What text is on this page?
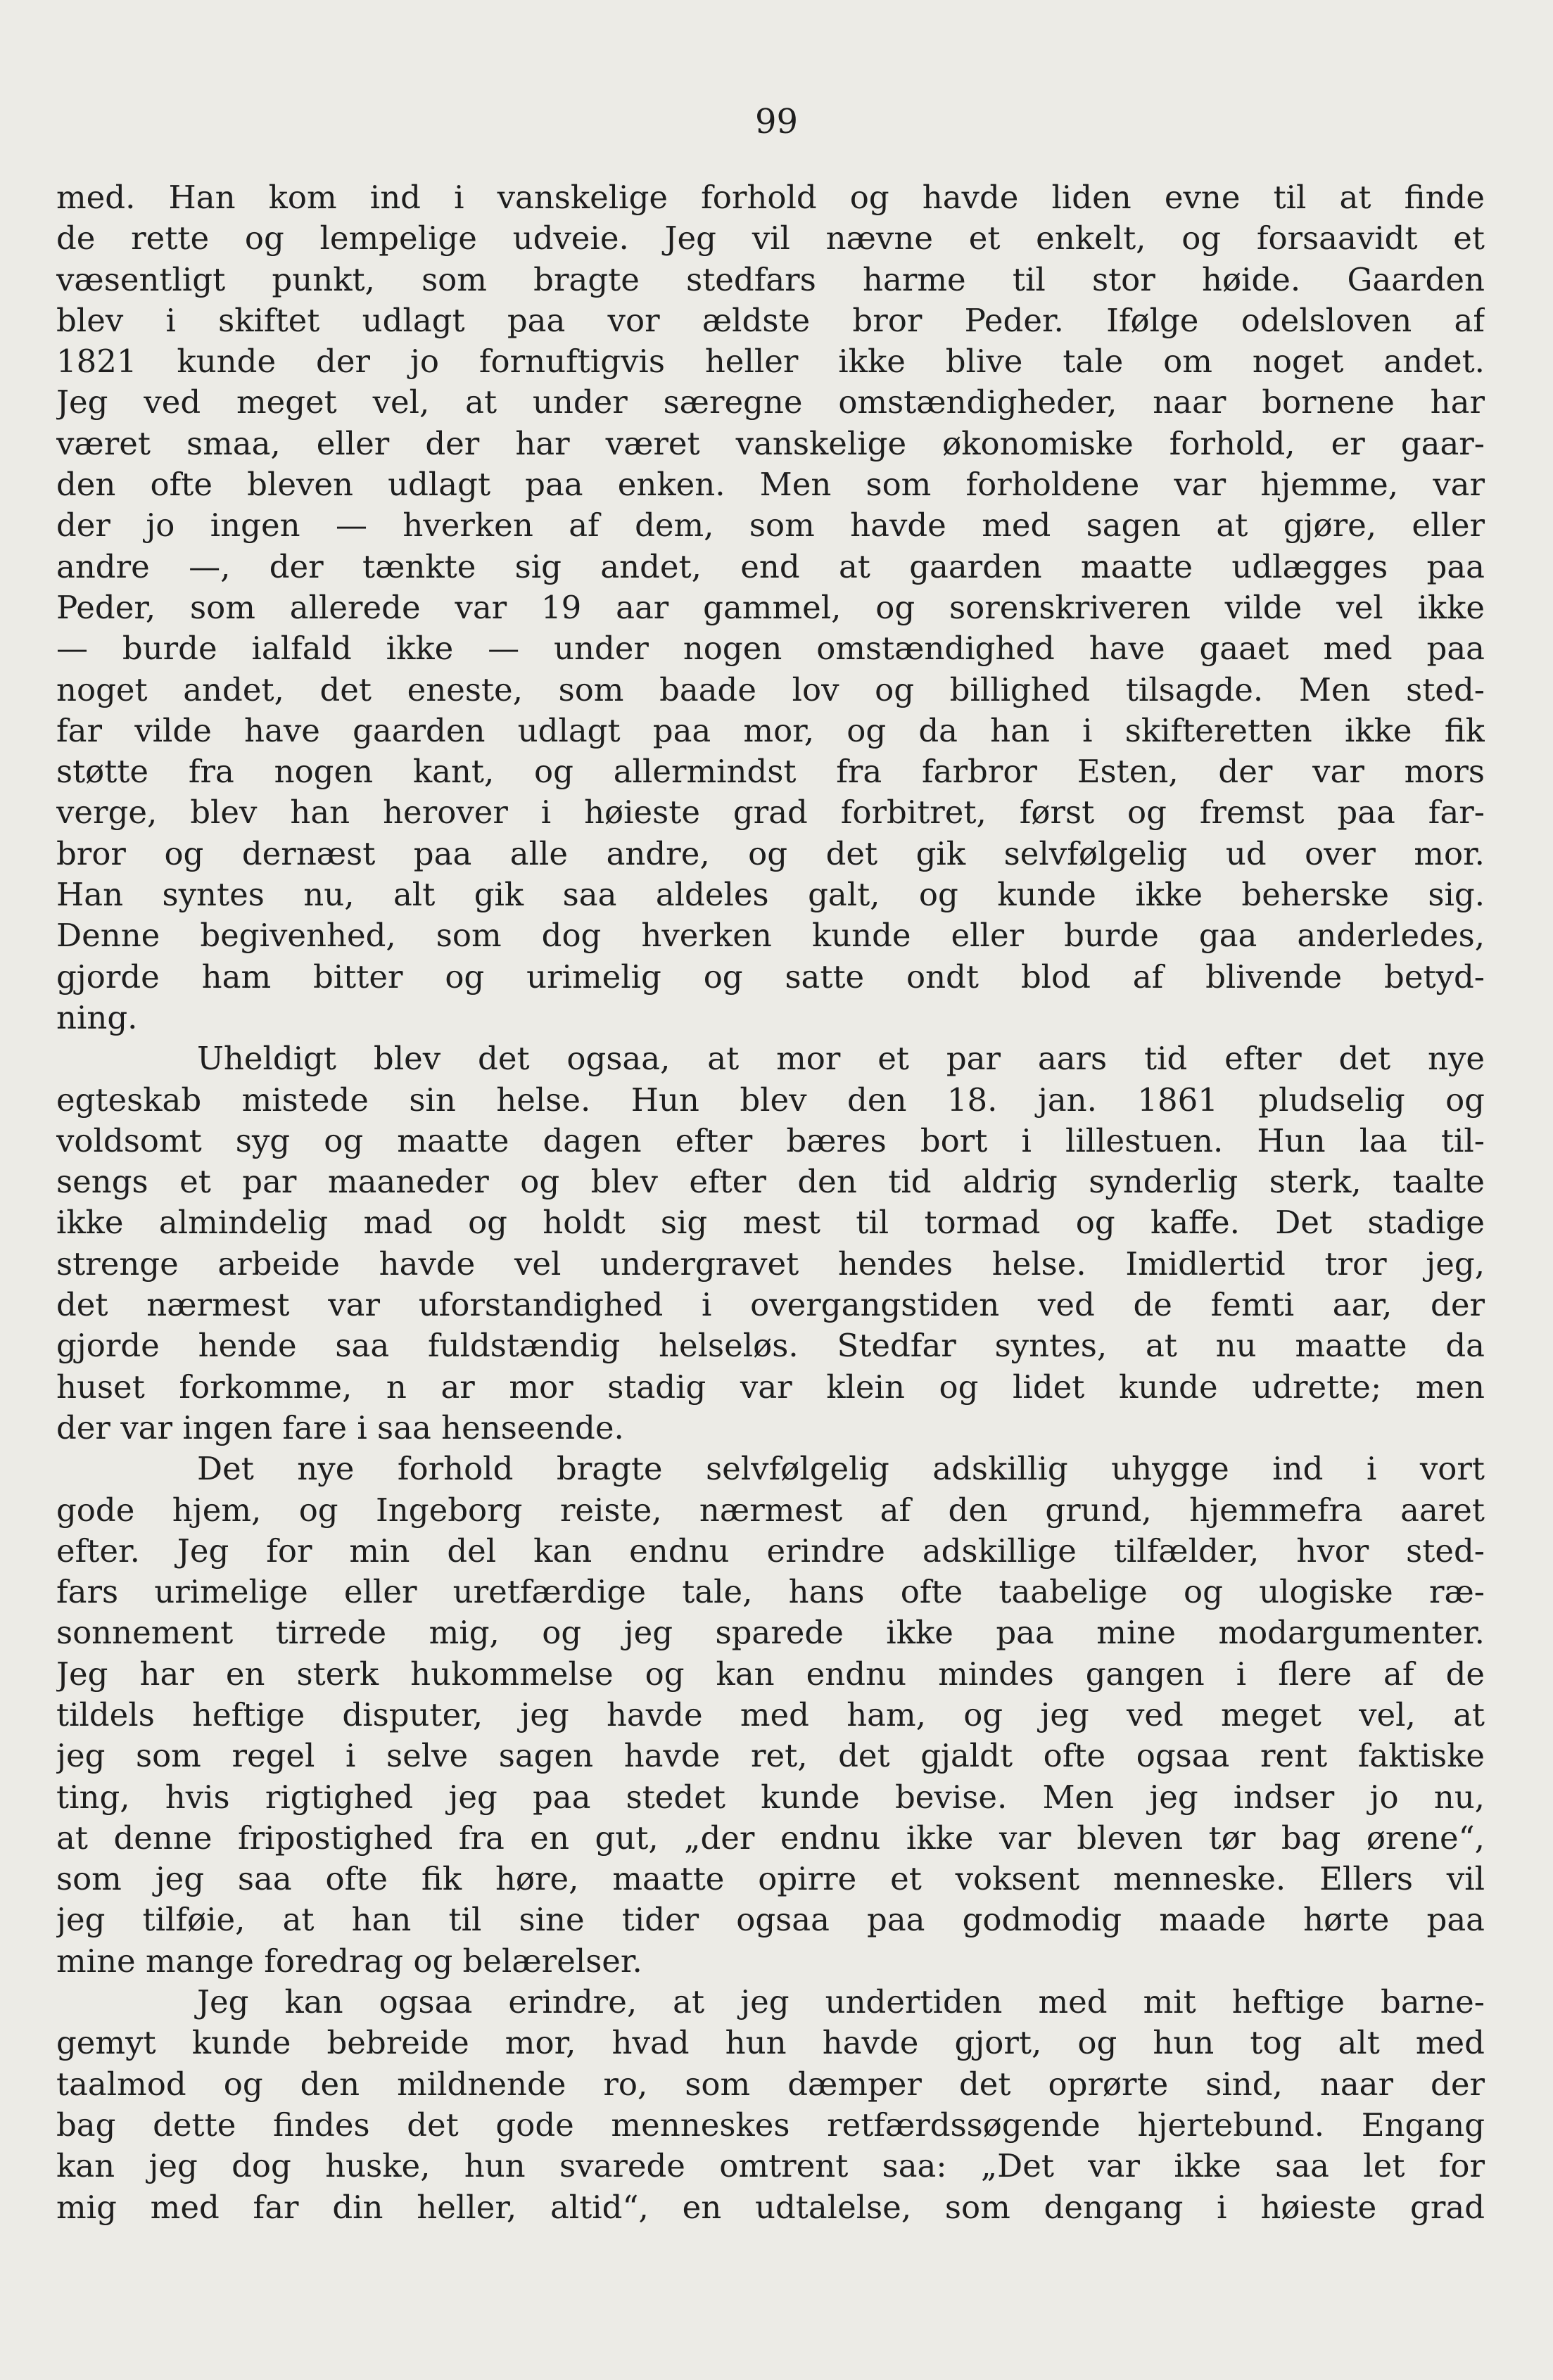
99
med. Han kom ind i vanskelige forhold og havde liden evne til at finde
de rette og lempelige udveie. Jeg vil nævne et enkelt, og forsaavidt et
væsentligt punkt, som bragte stedfars harme til stor høide. Gaarden
blev i skiftet udlagt paa vor ældste bror Peder. Ifølge odelsloven af
1821 kunde der jo fornuftigvis heller ikke blive tale om noget andet.
Jeg ved meget vel, at under særegne omstændigheder, naar bornene har
været smaa, eller der har været vanskelige økonomiske forhold, er gaar-
den ofte bleven udlagt paa enken. Men som forholdene var hjemme, var
der jo ingen — hverken af dem, som havde med sagen at gjøre, eller
andre —, der tænkte sig andet, end at gaarden maatte udlægges paa
Peder, som allerede var 19 aar gammel, og sorenskriveren vilde vel ikke
— burde ialfald ikke — under nogen omstændighed have gaaet med paa
noget andet, det eneste, som baade lov og billighed tilsagde. Men sted-
far vilde have gaarden udlagt paa mor, og da han i skifteretten ikke fik
støtte fra nogen kant, og allermindst fra farbror Esten, der var mors
verge, blev han herover i høieste grad forbitret, først og fremst paa far-
bror og dernæst paa alle andre, og det gik selvfølgelig ud over mor.
Han syntes nu, alt gik saa aldeles galt, og kunde ikke beherske sig.
Denne begivenhed, som dog hverken kunde eller burde gaa anderledes,
gjorde ham bitter og urimelig og satte ondt blod af blivende betyd-
ning.
Uheldigt blev det ogsaa, at mor et par aars tid efter det nye
egteskab mistede sin helse. Hun blev den 18. jan. 1861 pludselig og
voldsomt syg og maatte dagen efter bæres bort i lillestuen. Hun laa til-
sengs et par maaneder og blev efter den tid aldrig synderlig sterk, taalte
ikke almindelig mad og holdt sig mest til tormad og kaffe. Det stadige
strenge arbeide havde vel undergravet hendes helse. Imidlertid tror jeg,
det nærmest var uforstandighed i overgangstiden ved de femti aar, der
gjorde hende saa fuldstændig helseløs. Stedfar syntes, at nu maatte da
huset forkomme, n ar mor stadig var klein og lidet kunde udrette; men
der var ingen fare i saa henseende.
Det nye forhold bragte selvfølgelig adskillig uhygge ind i vort
gode hjem, og Ingeborg reiste, nærmest af den grund, hjemmefra aaret
efter. Jeg for min del kan endnu erindre adskillige tilfælder, hvor sted-
fars urimelige eller uretfærdige tale, hans ofte taabelige og ulogiske ræ-
sonnement tirrede mig, og jeg sparede ikke paa mine modargumenter.
Jeg har en sterk hukommelse og kan endnu mindes gangen i flere af de
tildels heftige disputer, jeg havde med ham, og jeg ved meget vel, at
jeg som regel i selve sagen havde ret, det gjaldt ofte ogsaa rent faktiske
ting, hvis rigtighed jeg paa stedet kunde bevise. Men jeg indser jo nu,
at denne fripostighed fra en gut, „der endnu ikke var bleven tør bag ørene“,
som jeg saa ofte fik høre, maatte opirre et voksent menneske. Ellers vil
jeg tilføie, at han til sine tider ogsaa paa godmodig maade hørte paa
mine mange foredrag og belærelser.
Jeg kan ogsaa erindre, at jeg undertiden med mit heftige barne-
gemyt kunde bebreide mor, hvad hun havde gjort, og hun tog alt med
taalmod og den mildnende ro, som dæmper det oprørte sind, naar der
bag dette findes det gode menneskes retfærdssøgende hjertebund. Engang
kan jeg dog huske, hun svarede omtrent saa: „Det var ikke saa let for
mig med far din heller, altid“, en udtalelse, som dengang i høieste grad
